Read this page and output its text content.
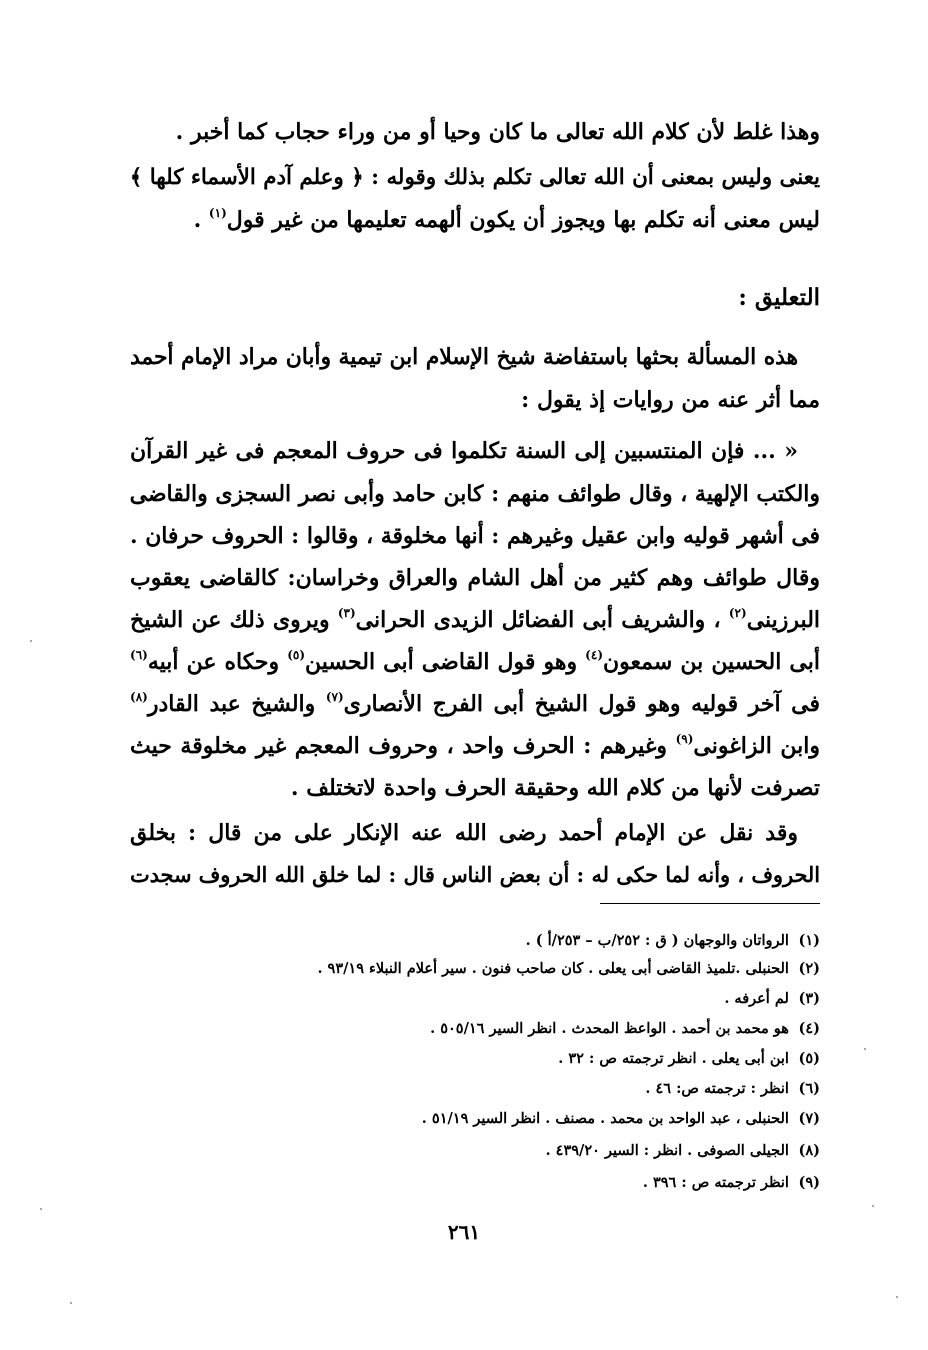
وهذا غلط لأن كلام الله تعالى ما كان وحيا أو من وراء حجاب كما أخبر .
يعنى وليس بمعنى أن الله تعالى تكلم بذلك وقوله : ﴿ وعلم آدم الأسماء كلها ﴾
ليس معنى أنه تكلم بها ويجوز أن يكون ألهمه تعليمها من غير قول$^{(١)}$ .
التعليق :
هذه المسألة بحثها باستفاضة شيخ الإسلام ابن تيمية وأبان مراد الإمام أحمد
مما أثر عنه من روايات إذ يقول :
« ... فإن المنتسبين إلى السنة تكلموا فى حروف المعجم فى غير القرآن
والكتب الإلهية ، وقال طوائف منهم : كابن حامد وأبى نصر السجزى والقاضى
فى أشهر قوليه وابن عقيل وغيرهم : أنها مخلوقة ، وقالوا : الحروف حرفان .
وقال طوائف وهم كثير من أهل الشام والعراق وخراسان: كالقاضى يعقوب
البرزينى$^{(٢)}$ ، والشريف أبى الفضائل الزيدى الحرانى$^{(٣)}$ ويروى ذلك عن الشيخ
أبى الحسين بن سمعون$^{(٤)}$ وهو قول القاضى أبى الحسين$^{(٥)}$ وحكاه عن أبيه$^{(٦)}$
فى آخر قوليه وهو قول الشيخ أبى الفرج الأنصارى$^{(٧)}$ والشيخ عبد القادر$^{(٨)}$
وابن الزاغونى$^{(٩)}$ وغيرهم : الحرف واحد ، وحروف المعجم غير مخلوقة حيث
تصرفت لأنها من كلام الله وحقيقة الحرف واحدة لاتختلف .
وقد نقل عن الإمام أحمد رضى الله عنه الإنكار على من قال : بخلق
الحروف ، وأنه لما حكى له : أن بعض الناس قال : لما خلق الله الحروف سجدت
(١) الرواتان والوجهان ( ق : ٢٥٢/ب – ٢٥٣/أ ) .
(٢) الحنبلى .تلميذ القاضى أبى يعلى . كان صاحب فنون . سير أعلام النبلاء ٩٣/١٩ .
(٣) لم أعرفه .
(٤) هو محمد بن أحمد . الواعظ المحدث . انظر السير ٥٠٥/١٦ .
(٥) ابن أبى يعلى . انظر ترجمته ص : ٣٢ .
(٦) انظر : ترجمته ص: ٤٦ .
(٧) الحنبلى ، عبد الواحد بن محمد . مصنف . انظر السير ٥١/١٩ .
(٨) الجيلى الصوفى . انظر : السير ٤٣٩/٢٠ .
(٩) انظر ترجمته ص : ٣٩٦ .
٢٦١
